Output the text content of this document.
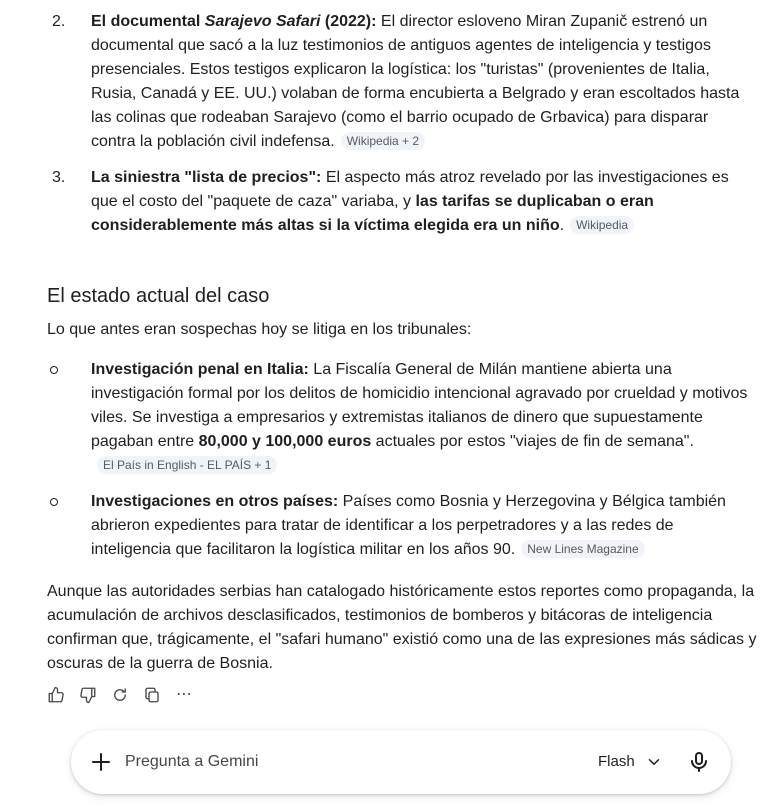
2. El documental Sarajevo Safari (2022): El director esloveno Miran Zupanič estrenó un documental que sacó a la luz testimonios de antiguos agentes de inteligencia y testigos presenciales. Estos testigos explicaron la logística: los "turistas" (provenientes de Italia, Rusia, Canadá y EE. UU.) volaban de forma encubierta a Belgrado y eran escoltados hasta las colinas que rodeaban Sarajevo (como el barrio ocupado de Grbavica) para disparar contra la población civil indefensa. Wikipedia + 2
3. La siniestra "lista de precios": El aspecto más atroz revelado por las investigaciones es que el costo del "paquete de caza" variaba, y las tarifas se duplicaban o eran considerablemente más altas si la víctima elegida era un niño. Wikipedia
El estado actual del caso

Lo que antes eran sospechas hoy se litiga en los tribunales:

Investigación penal en Italia: La Fiscalía General de Milán mantiene abierta una investigación formal por los delitos de homicidio intencional agravado por crueldad y motivos viles. Se investiga a empresarios y extremistas italianos de dinero que supuestamente pagaban entre 80,000 y 100,000 euros actuales por estos "viajes de fin de semana".El País in English - EL PAÍS + 1
Investigaciones en otros países: Países como Bosnia y Herzegovina y Bélgica también abrieron expedientes para tratar de identificar a los perpetradores y a las redes de inteligencia que facilitaron la logística militar en los años 90. New Lines Magazine

Aunque las autoridades serbias han catalogado históricamente estos reportes como propaganda, la acumulación de archivos desclasificados, testimonios de bomberos y bitácoras de inteligencia confirman que, trágicamente, el "safari humano" existió como una de las expresiones más sádicas y oscuras de la guerra de Bosnia.

⋯
Pregunta a Gemini	Flash
